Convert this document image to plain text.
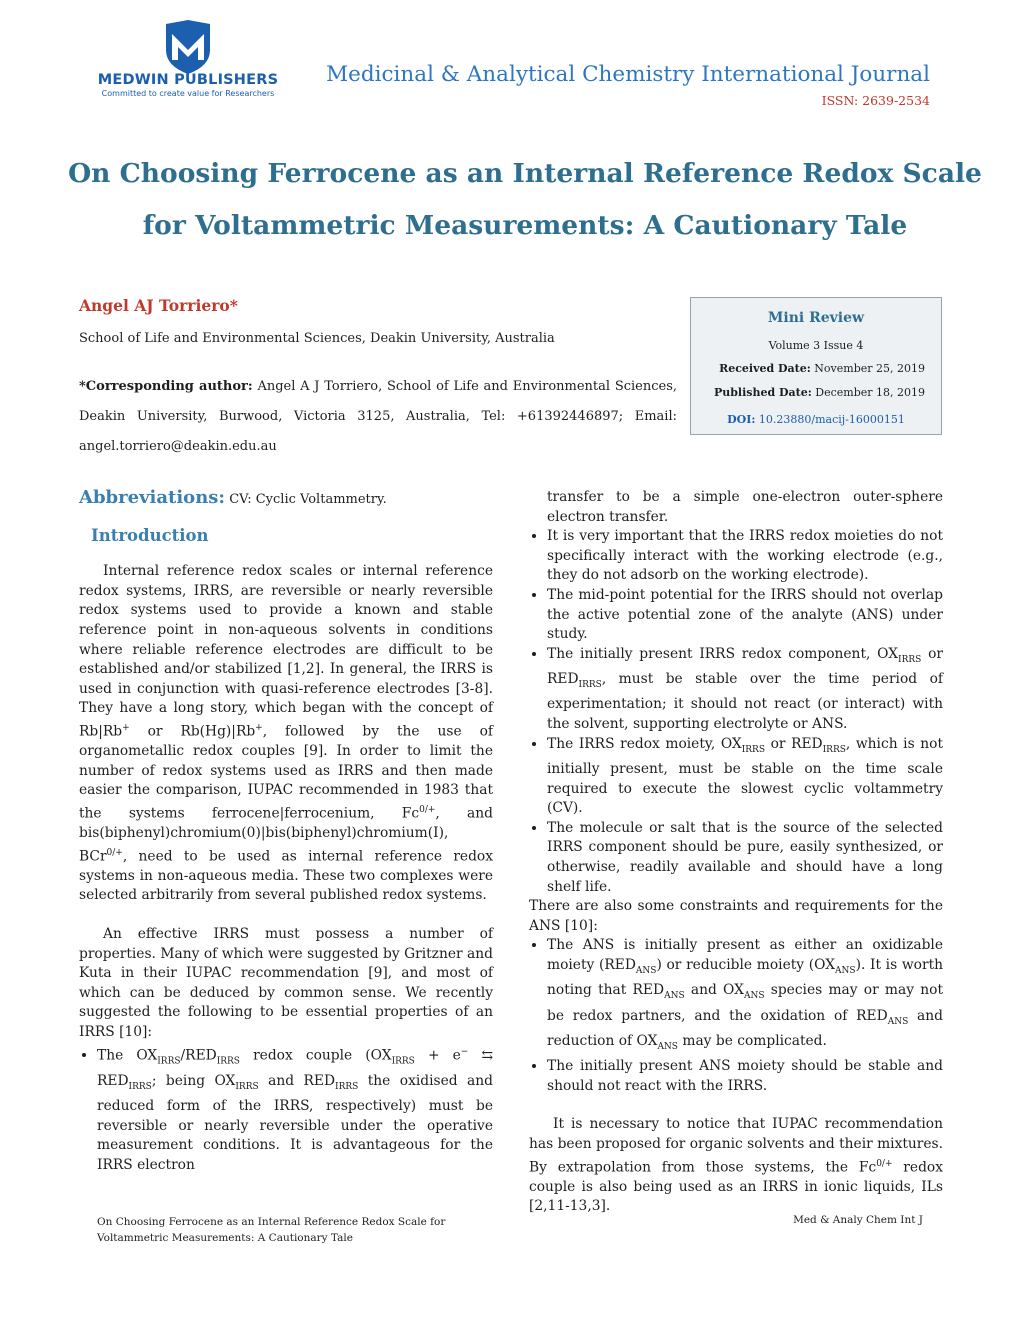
MEDWIN PUBLISHERS
Committed to create value for Researchers
Medicinal & Analytical Chemistry International Journal
ISSN: 2639-2534
On Choosing Ferrocene as an Internal Reference Redox Scale
for Voltammetric Measurements: A Cautionary Tale
Angel AJ Torriero*
School of Life and Environmental Sciences, Deakin University, Australia
*Corresponding author: Angel A J Torriero, School of Life and Environmental Sciences, Deakin University, Burwood, Victoria 3125, Australia, Tel: +61392446897; Email: angel.torriero@deakin.edu.au
Mini Review
Volume 3 Issue 4
Received Date: November 25, 2019
Published Date: December 18, 2019
DOI: 10.23880/macij-16000151
Abbreviations: CV: Cyclic Voltammetry.
Introduction

Internal reference redox scales or internal reference redox systems, IRRS, are reversible or nearly reversible redox systems used to provide a known and stable reference point in non-aqueous solvents in conditions where reliable reference electrodes are difficult to be established and/or stabilized [1,2]. In general, the IRRS is used in conjunction with quasi-reference electrodes [3-8]. They have a long story, which began with the concept of Rb|Rb+ or Rb(Hg)|Rb+, followed by the use of organometallic redox couples [9]. In order to limit the number of redox systems used as IRRS and then made easier the comparison, IUPAC recommended in 1983 that the systems ferrocene|ferrocenium, $Fc^{0/+}$, and bis(biphenyl)chromium(0)|bis(biphenyl)chromium(I), BCr$^{0/+}$, need to be used as internal reference redox systems in non-aqueous media. These two complexes were selected arbitrarily from several published redox systems.

An effective IRRS must possess a number of properties. Many of which were suggested by Gritzner and Kuta in their IUPAC recommendation [9], and most of which can be deduced by common sense. We recently suggested the following to be essential properties of an IRRS [10]:

• The $OX_{IRRS}/RED_{IRRS}$ redox couple ($OX_{IRRS} + e^-$ ⇆ $RED_{IRRS}$; being $OX_{IRRS}$ and $RED_{IRRS}$ the oxidised and reduced form of the IRRS, respectively) must be reversible or nearly reversible under the operative measurement conditions. It is advantageous for the IRRS electron

transfer to be a simple one-electron outer-sphere electron transfer.

• It is very important that the IRRS redox moieties do not specifically interact with the working electrode (e.g., they do not adsorb on the working electrode).
• The mid-point potential for the IRRS should not overlap the active potential zone of the analyte (ANS) under study.
• The initially present IRRS redox component, $OX_{IRRS}$ or $RED_{IRRS}$, must be stable over the time period of experimentation; it should not react (or interact) with the solvent, supporting electrolyte or ANS.
• The IRRS redox moiety, $OX_{IRRS}$ or $RED_{IRRS}$, which is not initially present, must be stable on the time scale required to execute the slowest cyclic voltammetry (CV).
• The molecule or salt that is the source of the selected IRRS component should be pure, easily synthesized, or otherwise, readily available and should have a long shelf life.

There are also some constraints and requirements for the ANS [10]:

• The ANS is initially present as either an oxidizable moiety $(RED_{ANS})$ or reducible moiety $(OX_{ANS})$. It is worth noting that $RED_{ANS}$ and $OX_{ANS}$ species may or may not be redox partners, and the oxidation of $RED_{ANS}$ and reduction of $OX_{ANS}$ may be complicated.
• The initially present ANS moiety should be stable and should not react with the IRRS.

It is necessary to notice that IUPAC recommendation has been proposed for organic solvents and their mixtures. By extrapolation from those systems, the $Fc^{0/+}$ redox couple is also being used as an IRRS in ionic liquids, ILs [2,11-13,3].

On Choosing Ferrocene as an Internal Reference Redox Scale for Voltammetric Measurements: A Cautionary Tale
Med & Analy Chem Int J
